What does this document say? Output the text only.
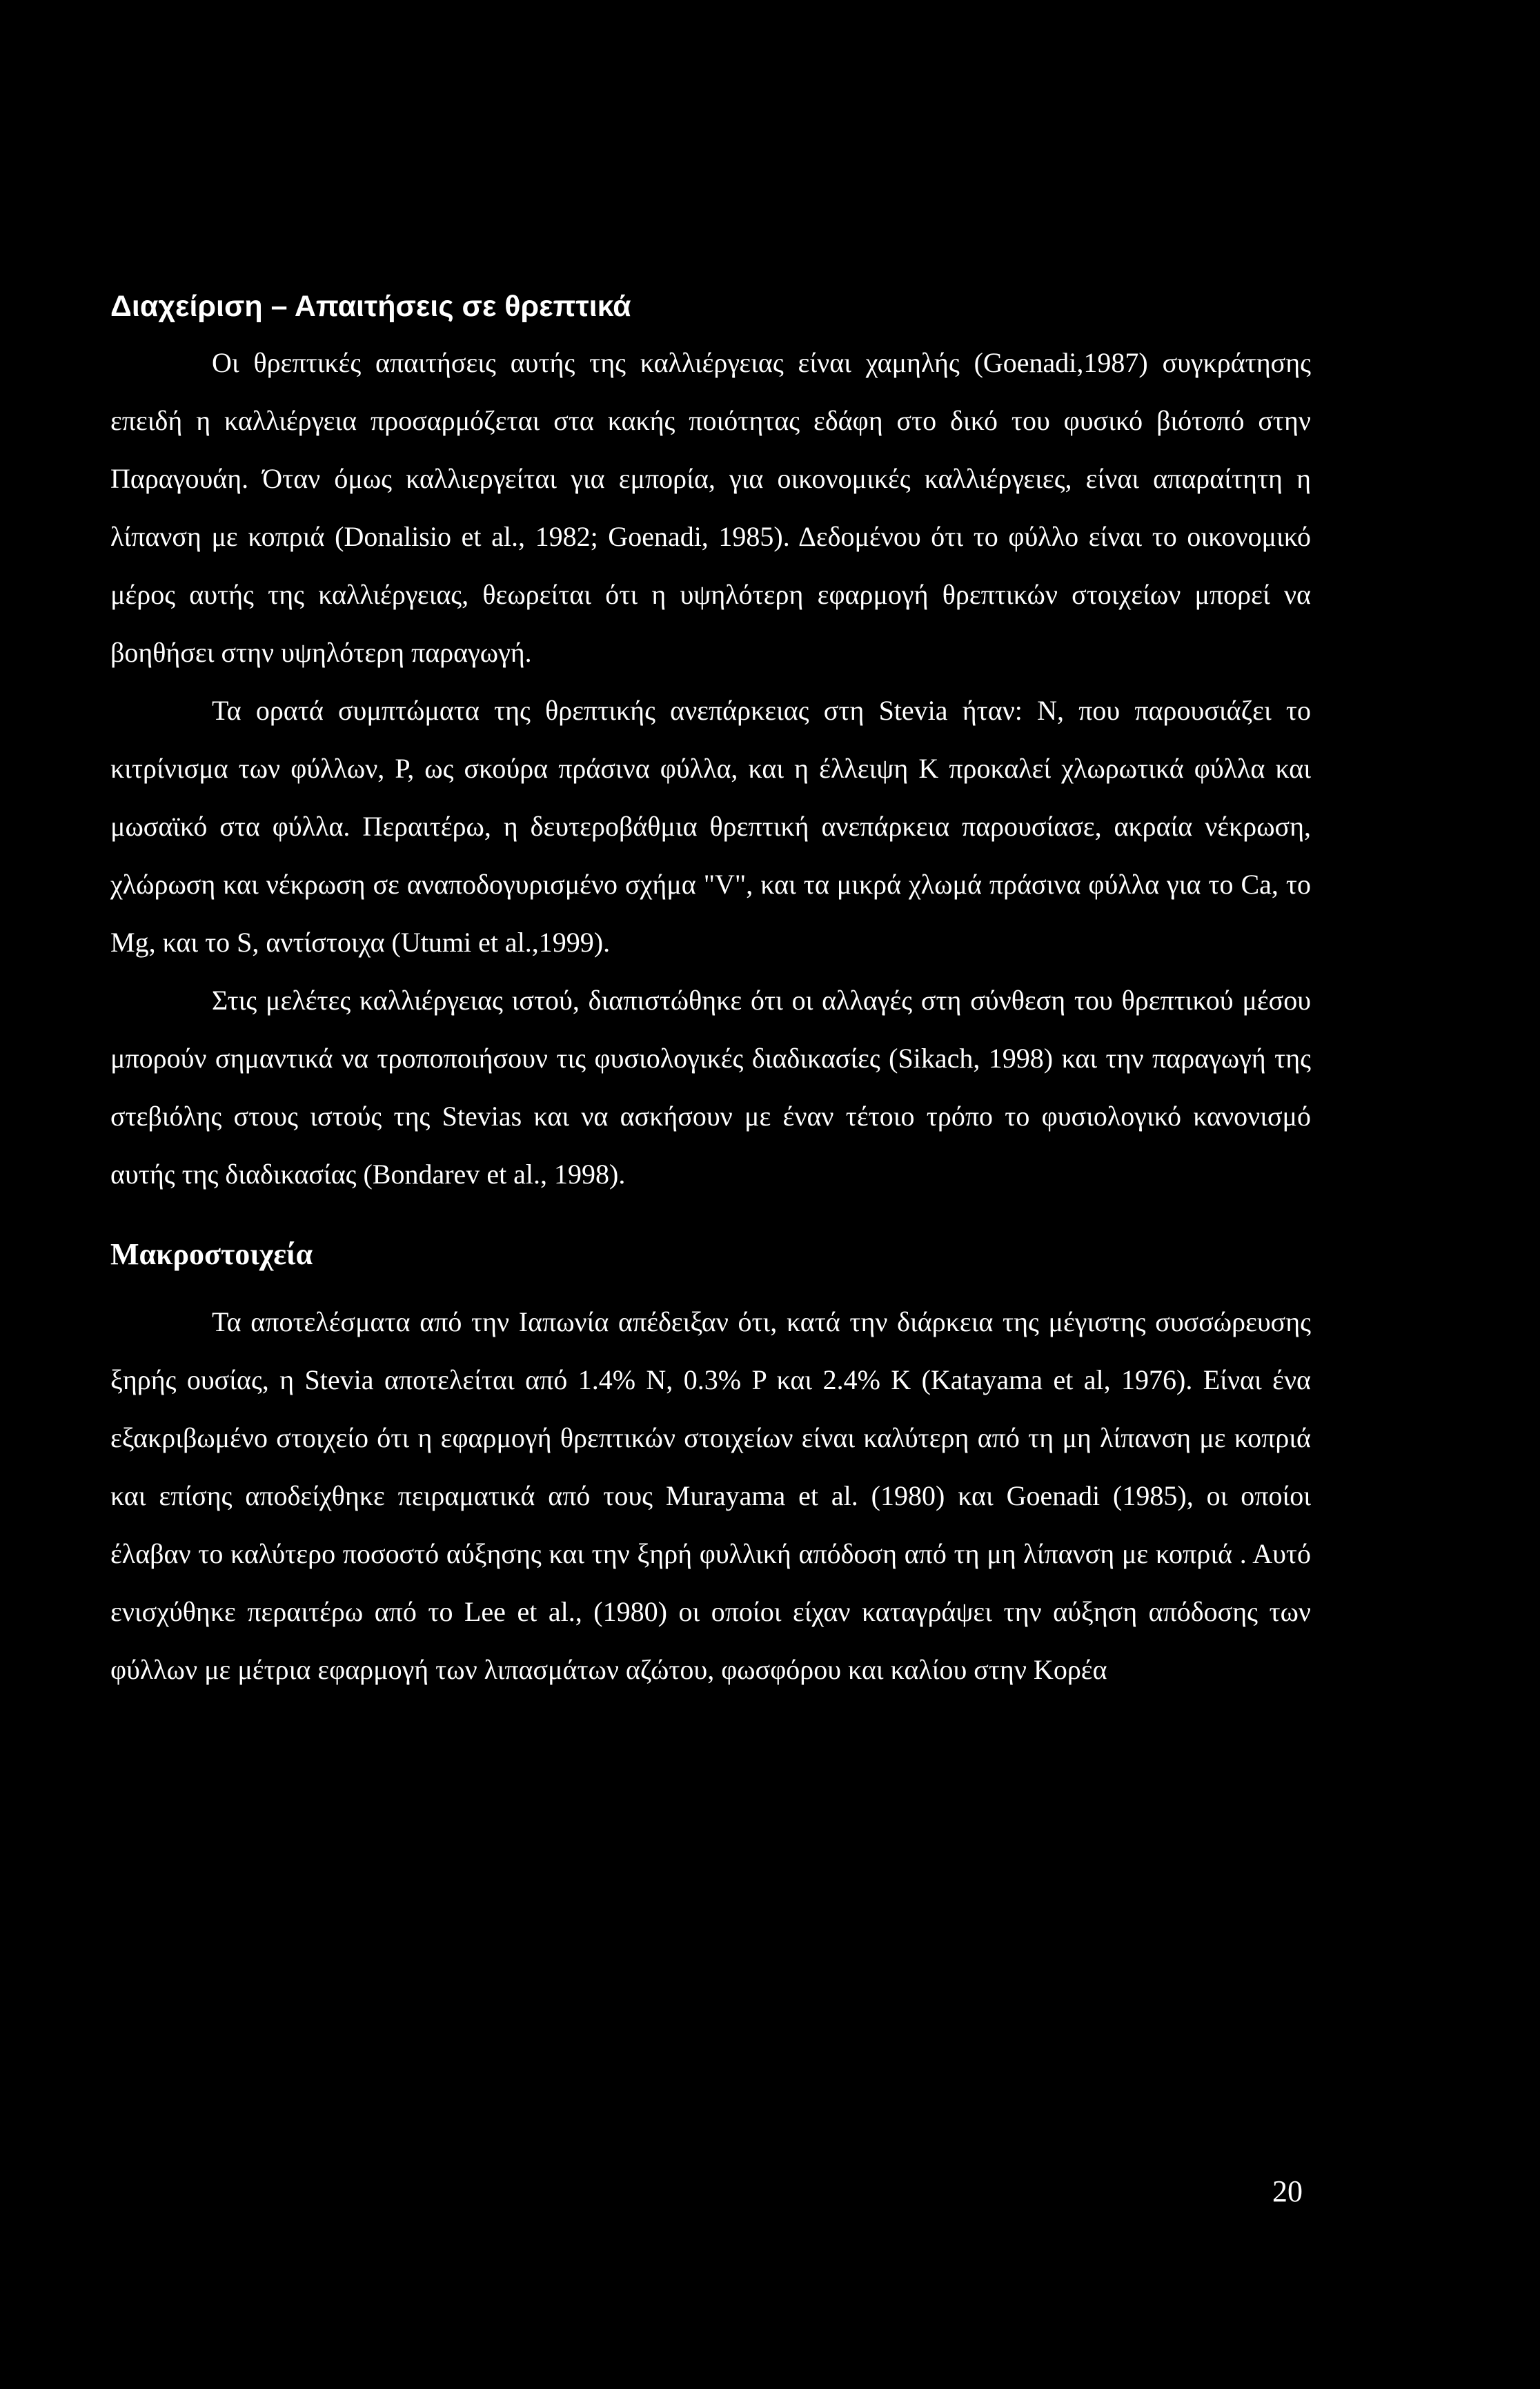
Διαχείριση – Απαιτήσεις σε θρεπτικά

Οι θρεπτικές απαιτήσεις αυτής της καλλιέργειας είναι χαμηλής (Goenadi,1987) συγκράτησης επειδή η καλλιέργεια προσαρμόζεται στα κακής ποιότητας εδάφη στο δικό του φυσικό βιότοπό στην Παραγουάη. Όταν όμως καλλιεργείται για εμπορία, για οικονομικές καλλιέργειες, είναι απαραίτητη η λίπανση με κοπριά (Donalisio et al., 1982; Goenadi, 1985). Δεδομένου ότι το φύλλο είναι το οικονομικό μέρος αυτής της καλλιέργειας, θεωρείται ότι η υψηλότερη εφαρμογή θρεπτικών στοιχείων μπορεί να βοηθήσει στην υψηλότερη παραγωγή.

Τα ορατά συμπτώματα της θρεπτικής ανεπάρκειας στη Stevia ήταν: N, που παρουσιάζει το κιτρίνισμα των φύλλων, P, ως σκούρα πράσινα φύλλα, και η έλλειψη K προκαλεί χλωρωτικά φύλλα και μωσαϊκό στα φύλλα. Περαιτέρω, η δευτεροβάθμια θρεπτική ανεπάρκεια παρουσίασε, ακραία νέκρωση, χλώρωση και νέκρωση σε αναποδογυρισμένο σχήμα "V", και τα μικρά χλωμά πράσινα φύλλα για το Ca, το Mg, και το S, αντίστοιχα (Utumi et al.,1999).

Στις μελέτες καλλιέργειας ιστού, διαπιστώθηκε ότι οι αλλαγές στη σύνθεση του θρεπτικού μέσου μπορούν σημαντικά να τροποποιήσουν τις φυσιολογικές διαδικασίες (Sikach, 1998) και την παραγωγή της στεβιόλης στους ιστούς της Stevias και να ασκήσουν με έναν τέτοιο τρόπο το φυσιολογικό κανονισμό αυτής της διαδικασίας (Bondarev et al., 1998).

Μακροστοιχεία

Τα αποτελέσματα από την Ιαπωνία απέδειξαν ότι, κατά την διάρκεια της μέγιστης συσσώρευσης ξηρής ουσίας, η Stevia αποτελείται από 1.4% N, 0.3% P και 2.4% K (Katayama et al, 1976). Είναι ένα εξακριβωμένο στοιχείο ότι η εφαρμογή θρεπτικών στοιχείων είναι καλύτερη από τη μη λίπανση με κοπριά και επίσης αποδείχθηκε πειραματικά από τους Murayama et al. (1980) και Goenadi (1985), οι οποίοι έλαβαν το καλύτερο ποσοστό αύξησης και την ξηρή φυλλική απόδοση από τη μη λίπανση με κοπριά . Αυτό ενισχύθηκε περαιτέρω από το Lee et al., (1980) οι οποίοι είχαν καταγράψει την αύξηση απόδοσης των φύλλων με μέτρια εφαρμογή των λιπασμάτων αζώτου, φωσφόρου και καλίου στην Κορέα

20
